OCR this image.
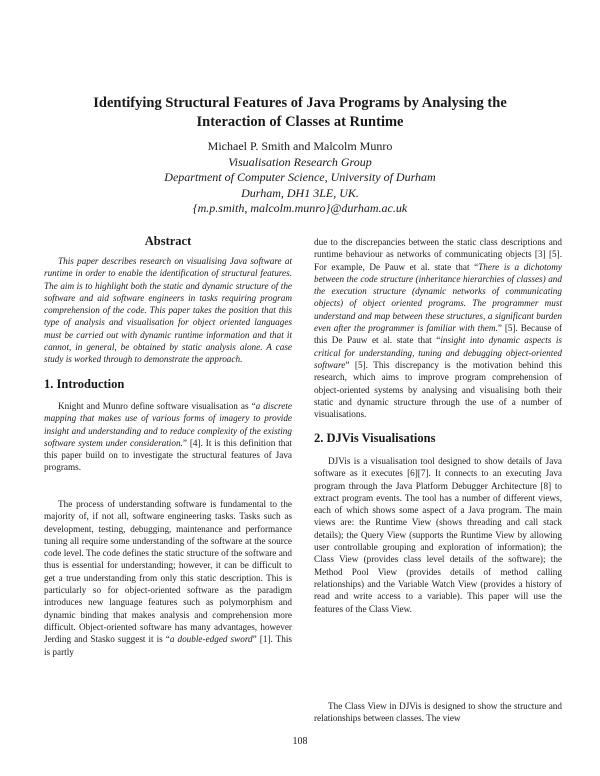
Identifying Structural Features of Java Programs by Analysing the Interaction of Classes at Runtime
Michael P. Smith and Malcolm Munro
Visualisation Research Group
Department of Computer Science, University of Durham
Durham, DH1 3LE, UK.
{m.p.smith, malcolm.munro}@durham.ac.uk
Abstract

This paper describes research on visualising Java software at runtime in order to enable the identification of structural features. The aim is to highlight both the static and dynamic structure of the software and aid software engineers in tasks requiring program comprehension of the code. This paper takes the position that this type of analysis and visualisation for object oriented languages must be carried out with dynamic runtime information and that it cannot, in general, be obtained by static analysis alone. A case study is worked through to demonstrate the approach.

1. Introduction

Knight and Munro define software visualisation as “a discrete mapping that makes use of various forms of imagery to provide insight and understanding and to reduce complexity of the existing software system under consideration.” [4]. It is this definition that this paper build on to investigate the structural features of Java programs.

The process of understanding software is fundamental to the majority of, if not all, software engineering tasks. Tasks such as development, testing, debugging, maintenance and performance tuning all require some understanding of the software at the source code level. The code defines the static structure of the software and thus is essential for understanding; however, it can be difficult to get a true understanding from only this static description. This is particularly so for object-oriented software as the paradigm introduces new language features such as polymorphism and dynamic binding that makes analysis and comprehension more difficult. Object-oriented software has many advantages, however Jerding and Stasko suggest it is “a double-edged sword” [1]. This is partly

due to the discrepancies between the static class descriptions and runtime behaviour as networks of communicating objects [3] [5]. For example, De Pauw et al. state that “There is a dichotomy between the code structure (inheritance hierarchies of classes) and the execution structure (dynamic networks of communicating objects) of object oriented programs. The programmer must understand and map between these structures, a significant burden even after the programmer is familiar with them.” [5]. Because of this De Pauw et al. state that “insight into dynamic aspects is critical for understanding, tuning and debugging object-oriented software” [5]. This discrepancy is the motivation behind this research, which aims to improve program comprehension of object-oriented systems by analysing and visualising both their static and dynamic structure through the use of a number of visualisations.

2. DJVis Visualisations

DJVis is a visualisation tool designed to show details of Java software as it executes [6][7]. It connects to an executing Java program through the Java Platform Debugger Architecture [8] to extract program events. The tool has a number of different views, each of which shows some aspect of a Java program. The main views are: the Runtime View (shows threading and call stack details); the Query View (supports the Runtime View by allowing user controllable grouping and exploration of information); the Class View (provides class level details of the software); the Method Pool View (provides details of method calling relationships) and the Variable Watch View (provides a history of read and write access to a variable). This paper will use the features of the Class View.

The Class View in DJVis is designed to show the structure and relationships between classes. The view

108
